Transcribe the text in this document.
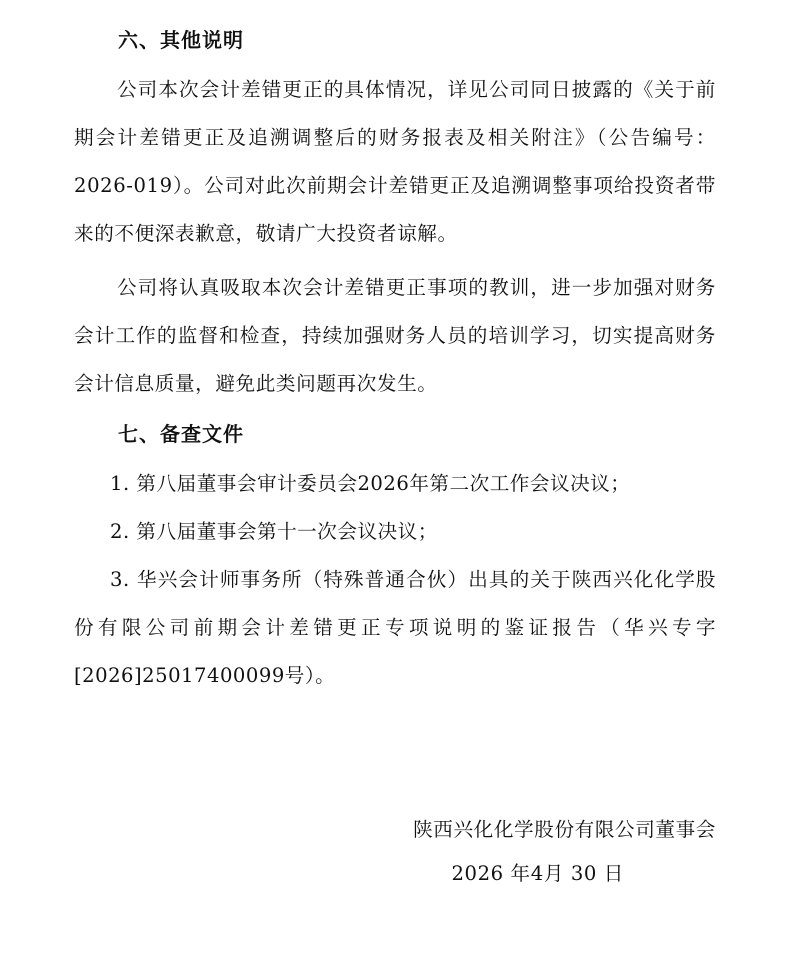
六、其他说明

公司本次会计差错更正的具体情况，详见公司同日披露的《关于前期会计差错更正及追溯调整后的财务报表及相关附注》（公告编号：2026-019）。公司对此次前期会计差错更正及追溯调整事项给投资者带来的不便深表歉意，敬请广大投资者谅解。

公司将认真吸取本次会计差错更正事项的教训，进一步加强对财务会计工作的监督和检查，持续加强财务人员的培训学习，切实提高财务会计信息质量，避免此类问题再次发生。

七、备查文件

1. 第八届董事会审计委员会2026年第二次工作会议决议；

2. 第八届董事会第十一次会议决议；

3. 华兴会计师事务所（特殊普通合伙）出具的关于陕西兴化化学股份有限公司前期会计差错更正专项说明的鉴证报告（华兴专字[2026]25017400099号）。

陕西兴化化学股份有限公司董事会
2026 年4月 30 日
